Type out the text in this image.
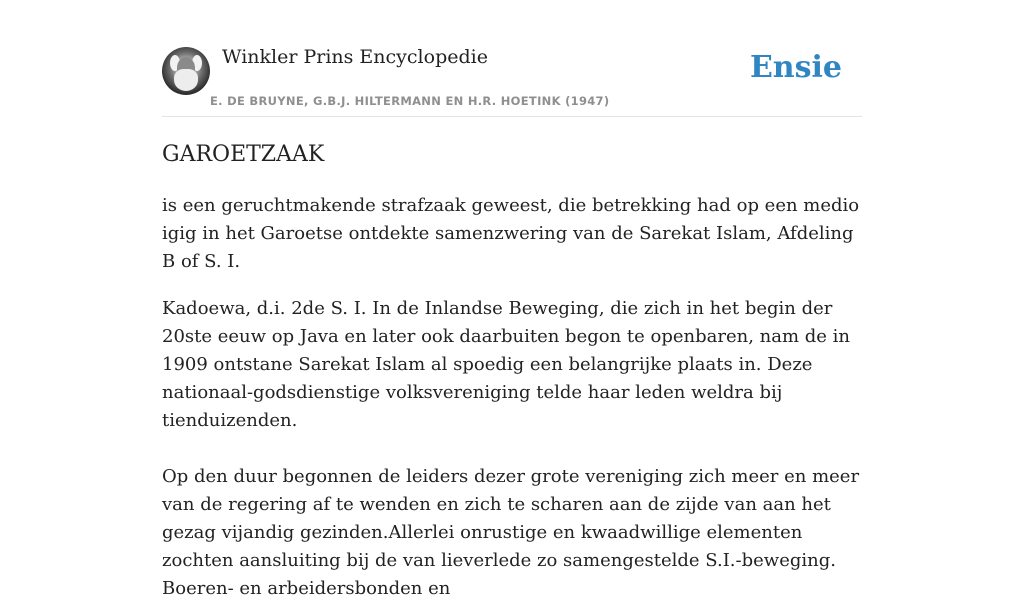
Winkler Prins Encyclopedie
E. DE BRUYNE, G.B.J. HILTERMANN EN H.R. HOETINK (1947)
Ensie
GAROETZAAK

is een geruchtmakende strafzaak geweest, die betrekking had op een medio igig in het Garoetse ontdekte samenzwering van de Sarekat Islam, Afdeling B of S. I.

Kadoewa, d.i. 2de S. I. In de Inlandse Beweging, die zich in het begin der 20ste eeuw op Java en later ook daarbuiten begon te openbaren, nam de in 1909 ontstane Sarekat Islam al spoedig een belangrijke plaats in. Deze nationaal-godsdienstige volksvereniging telde haar leden weldra bij tienduizenden.

Op den duur begonnen de leiders dezer grote vereniging zich meer en meer van de regering af te wenden en zich te scharen aan de zijde van aan het gezag vijandig gezinden.Allerlei onrustige en kwaadwillige elementen zochten aansluiting bij de van lieverlede zo samengestelde S.I.-beweging. Boeren- en arbeidersbonden en
